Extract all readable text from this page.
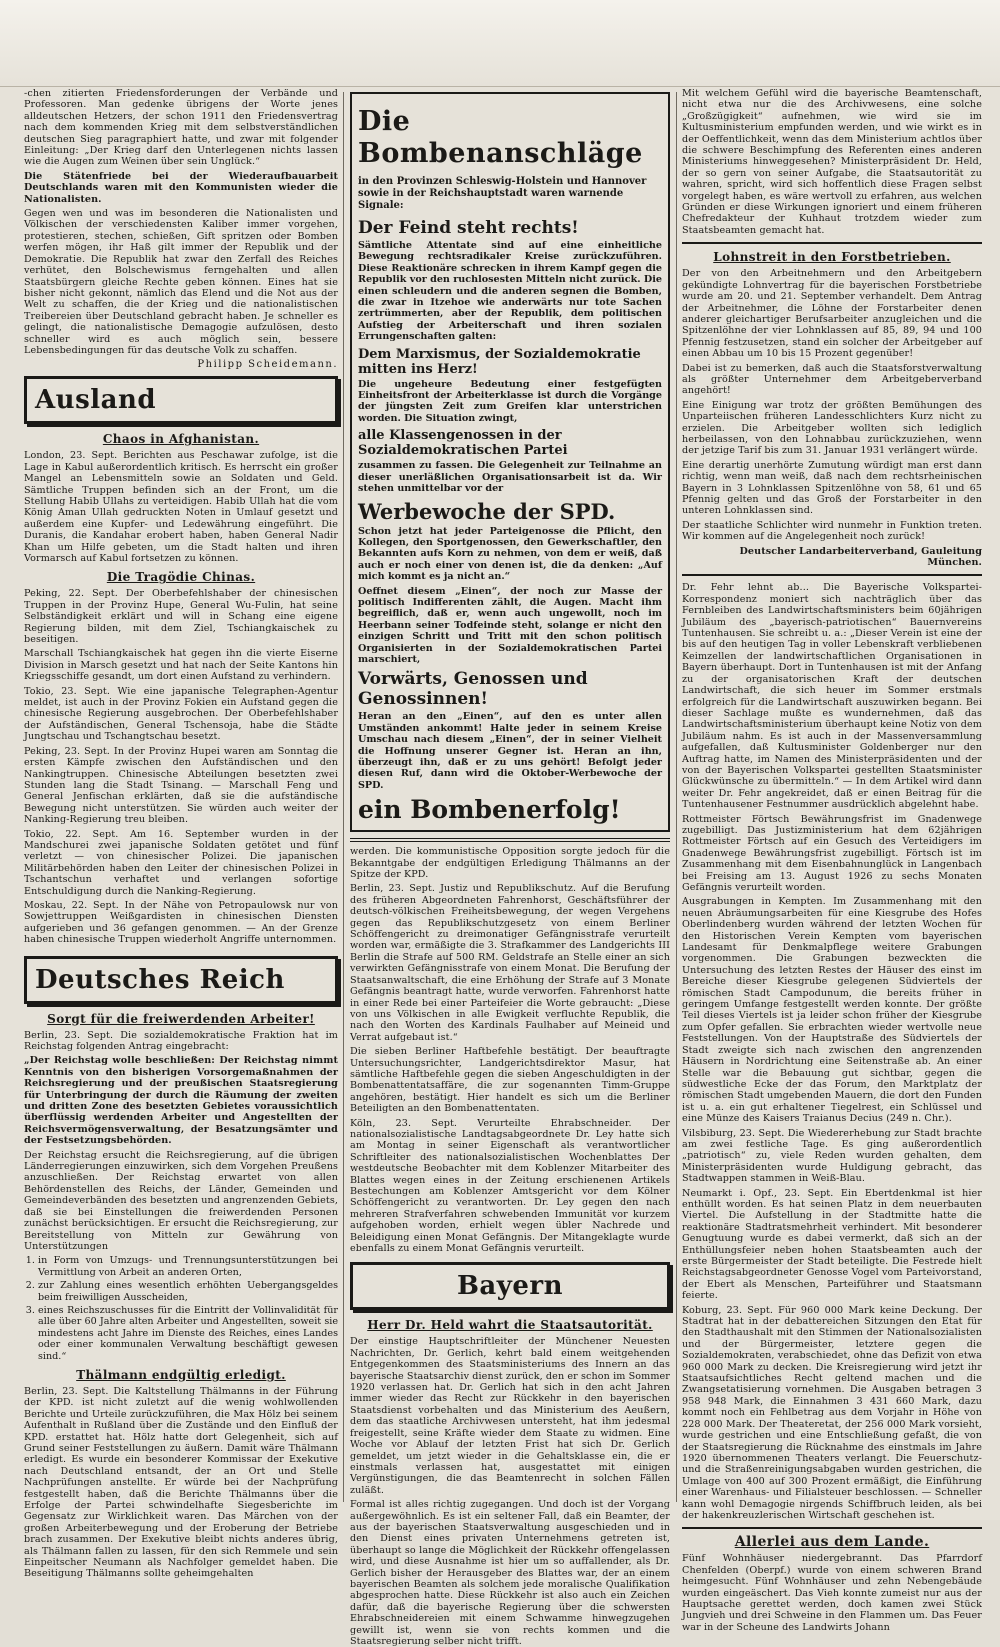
-chen zitierten Friedensforderungen der Verbände und Professoren. Man gedenke übrigens der Worte jenes alldeutschen Hetzers, der schon 1911 den Friedensvertrag nach dem kommenden Krieg mit dem selbstverständlichen deutschen Sieg paragraphiert hatte, und zwar mit folgender Einleitung: „Der Krieg darf den Unterlegenen nichts lassen wie die Augen zum Weinen über sein Unglück.“

Die Stätenfriede bei der Wiederaufbauarbeit Deutschlands waren mit den Kommunisten wieder die Nationalisten.

Gegen wen und was im besonderen die Nationalisten und Völkischen der verschiedensten Kaliber immer vorgehen, protestieren, stechen, schießen, Gift spritzen oder Bomben werfen mögen, ihr Haß gilt immer der Republik und der Demokratie. Die Republik hat zwar den Zerfall des Reiches verhütet, den Bolschewismus ferngehalten und allen Staatsbürgern gleiche Rechte geben können. Eines hat sie bisher nicht gekonnt, nämlich das Elend und die Not aus der Welt zu schaffen, die der Krieg und die nationalistischen Treibereien über Deutschland gebracht haben. Je schneller es gelingt, die nationalistische Demagogie aufzulösen, desto schneller wird es auch möglich sein, bessere Lebensbedingungen für das deutsche Volk zu schaffen.

Philipp Scheidemann.

Ausland
Chaos in Afghanistan.

London, 23. Sept. Berichten aus Peschawar zufolge, ist die Lage in Kabul außerordentlich kritisch. Es herrscht ein großer Mangel an Lebensmitteln sowie an Soldaten und Geld. Sämtliche Truppen befinden sich an der Front, um die Stellung Habib Ullahs zu verteidigen. Habib Ullah hat die vom König Aman Ullah gedruckten Noten in Umlauf gesetzt und außerdem eine Kupfer- und Ledewährung eingeführt. Die Duranis, die Kandahar erobert haben, haben General Nadir Khan um Hilfe gebeten, um die Stadt halten und ihren Vormarsch auf Kabul fortsetzen zu können.

Die Tragödie Chinas.

Peking, 22. Sept. Der Oberbefehlshaber der chinesischen Truppen in der Provinz Hupe, General Wu-Fulin, hat seine Selbständigkeit erklärt und will in Schang eine eigene Regierung bilden, mit dem Ziel, Tschiangkaischek zu beseitigen.

Marschall Tschiangkaischek hat gegen ihn die vierte Eiserne Division in Marsch gesetzt und hat nach der Seite Kantons hin Kriegsschiffe gesandt, um dort einen Aufstand zu verhindern.

Tokio, 23. Sept. Wie eine japanische Telegraphen-Agentur meldet, ist auch in der Provinz Fokien ein Aufstand gegen die chinesische Regierung ausgebrochen. Der Oberbefehlshaber der Aufständischen, General Tschensoja, habe die Städte Jungtschau und Tschangtschau besetzt.

Peking, 23. Sept. In der Provinz Hupei waren am Sonntag die ersten Kämpfe zwischen den Aufständischen und den Nankingtruppen. Chinesische Abteilungen besetzten zwei Stunden lang die Stadt Tsinang. — Marschall Feng und General Jenfischan erklärten, daß sie die aufständische Bewegung nicht unterstützen. Sie würden auch weiter der Nanking-Regierung treu bleiben.

Tokio, 22. Sept. Am 16. September wurden in der Mandschurei zwei japanische Soldaten getötet und fünf verletzt — von chinesischer Polizei. Die japanischen Militärbehörden haben den Leiter der chinesischen Polizei in Tschantschun verhaftet und verlangen sofortige Entschuldigung durch die Nanking-Regierung.

Moskau, 22. Sept. In der Nähe von Petropaulowsk nur von Sowjettruppen Weißgardisten in chinesischen Diensten aufgerieben und 36 gefangen genommen. — An der Grenze haben chinesische Truppen wiederholt Angriffe unternommen.

Deutsches Reich
Sorgt für die freiwerdenden Arbeiter!

Berlin, 23. Sept. Die sozialdemokratische Fraktion hat im Reichstag folgenden Antrag eingebracht:

„Der Reichstag wolle beschließen: Der Reichstag nimmt Kenntnis von den bisherigen Vorsorgemaßnahmen der Reichsregierung und der preußischen Staatsregierung für Unterbringung der durch die Räumung der zweiten und dritten Zone des besetzten Gebietes voraussichtlich überflüssig werdenden Arbeiter und Angestellten der Reichsvermögensverwaltung, der Besatzungsämter und der Festsetzungsbehörden.

Der Reichstag ersucht die Reichsregierung, auf die übrigen Länderregierungen einzuwirken, sich dem Vorgehen Preußens anzuschließen. Der Reichstag erwartet von allen Behördenstellen des Reichs, der Länder, Gemeinden und Gemeindeverbänden des besetzten und angrenzenden Gebiets, daß sie bei Einstellungen die freiwerdenden Personen zunächst berücksichtigen. Er ersucht die Reichsregierung, zur Bereitstellung von Mitteln zur Gewährung von Unterstützungen

1. in Form von Umzugs- und Trennungsunterstützungen bei Vermittlung von Arbeit an anderen Orten,
2. zur Zahlung eines wesentlich erhöhten Uebergangsgeldes beim freiwilligen Ausscheiden,
3. eines Reichszuschusses für die Eintritt der Vollinvalidität für alle über 60 Jahre alten Arbeiter und Angestellten, soweit sie mindestens acht Jahre im Dienste des Reiches, eines Landes oder einer kommunalen Verwaltung beschäftigt gewesen sind.“
Thälmann endgültig erledigt.

Berlin, 23. Sept. Die Kaltstellung Thälmanns in der Führung der KPD. ist nicht zuletzt auf die wenig wohlwollenden Berichte und Urteile zurückzuführen, die Max Hölz bei seinem Aufenthalt in Rußland über die Zustände und den Einfluß der KPD. erstattet hat. Hölz hatte dort Gelegenheit, sich auf Grund seiner Feststellungen zu äußern. Damit wäre Thälmann erledigt. Es wurde ein besonderer Kommissar der Exekutive nach Deutschland entsandt, der an Ort und Stelle Nachprüfungen anstellte. Er würde bei der Nachprüfung festgestellt haben, daß die Berichte Thälmanns über die Erfolge der Partei schwindelhafte Siegesberichte im Gegensatz zur Wirklichkeit waren. Das Märchen von der großen Arbeiterbewegung und der Eroberung der Betriebe brach zusammen. Der Exekutive bleibt nichts anderes übrig, als Thälmann fallen zu lassen, für den sich Remmele und sein Einpeitscher Neumann als Nachfolger gemeldet haben. Die Beseitigung Thälmanns sollte geheimgehalten

Die Bombenanschläge
in den Provinzen Schleswig-Holstein und Hannover sowie in der Reichshauptstadt waren warnende Signale:
Der Feind steht rechts!

Sämtliche Attentate sind auf eine einheitliche Bewegung rechtsradikaler Kreise zurückzuführen. Diese Reaktionäre schrecken in ihrem Kampf gegen die Republik vor den ruchlosesten Mitteln nicht zurück. Die einen schleudern und die anderen segnen die Bomben, die zwar in Itzehoe wie anderwärts nur tote Sachen zertrümmerten, aber der Republik, dem politischen Aufstieg der Arbeiterschaft und ihren sozialen Errungenschaften galten:

Dem Marxismus, der Sozialdemokratie mitten ins Herz!

Die ungeheure Bedeutung einer festgefügten Einheitsfront der Arbeiterklasse ist durch die Vorgänge der jüngsten Zeit zum Greifen klar unterstrichen worden. Die Situation zwingt,

alle Klassengenossen in der Sozialdemokratischen Partei

zusammen zu fassen. Die Gelegenheit zur Teilnahme an dieser unerläßlichen Organisationsarbeit ist da. Wir stehen unmittelbar vor der

Werbewoche der SPD.

Schon jetzt hat jeder Parteigenosse die Pflicht, den Kollegen, den Sportgenossen, den Gewerkschaftler, den Bekannten aufs Korn zu nehmen, von dem er weiß, daß auch er noch einer von denen ist, die da denken: „Auf mich kommt es ja nicht an.“

Oeffnet diesem „Einen“, der noch zur Masse der politisch Indifferenten zählt, die Augen. Macht ihm begreiflich, daß er, wenn auch ungewollt, noch im Heerbann seiner Todfeinde steht, solange er nicht den einzigen Schritt und Tritt mit den schon politisch Organisierten in der Sozialdemokratischen Partei marschiert,

Vorwärts, Genossen und Genossinnen!

Heran an den „Einen“, auf den es unter allen Umständen ankommt! Halte jeder in seinem Kreise Umschau nach diesem „Einen“, der in seiner Vielheit die Hoffnung unserer Gegner ist. Heran an ihn, überzeugt ihn, daß er zu uns gehört! Befolgt jeder diesen Ruf, dann wird die Oktober-Werbewoche der SPD.

ein Bombenerfolg!

werden. Die kommunistische Opposition sorgte jedoch für die Bekanntgabe der endgültigen Erledigung Thälmanns an der Spitze der KPD.

Berlin, 23. Sept. Justiz und Republikschutz. Auf die Berufung des früheren Abgeordneten Fahrenhorst, Geschäftsführer der deutsch-völkischen Freiheitsbewegung, der wegen Vergehens gegen das Republikschutzgesetz von einem Berliner Schöffengericht zu dreimonatiger Gefängnisstrafe verurteilt worden war, ermäßigte die 3. Strafkammer des Landgerichts III Berlin die Strafe auf 500 RM. Geldstrafe an Stelle einer an sich verwirkten Gefängnisstrafe von einem Monat. Die Berufung der Staatsanwaltschaft, die eine Erhöhung der Strafe auf 3 Monate Gefängnis beantragt hatte, wurde verworfen. Fahrenhorst hatte in einer Rede bei einer Parteifeier die Worte gebraucht: „Diese von uns Völkischen in alle Ewigkeit verfluchte Republik, die nach den Worten des Kardinals Faulhaber auf Meineid und Verrat aufgebaut ist.“

Die sieben Berliner Haftbefehle bestätigt. Der beauftragte Untersuchungsrichter, Landgerichtsdirektor Masur, hat sämtliche Haftbefehle gegen die sieben Angeschuldigten in der Bombenattentatsaffäre, die zur sogenannten Timm-Gruppe angehören, bestätigt. Hier handelt es sich um die Berliner Beteiligten an den Bombenattentaten.

Köln, 23. Sept. Verurteilte Ehrabschneider. Der nationalsozialistische Landtagsabgeordnete Dr. Ley hatte sich am Montag in seiner Eigenschaft als verantwortlicher Schriftleiter des nationalsozialistischen Wochenblattes Der westdeutsche Beobachter mit dem Koblenzer Mitarbeiter des Blattes wegen eines in der Zeitung erschienenen Artikels Bestechungen am Koblenzer Amtsgericht vor dem Kölner Schöffengericht zu verantworten. Dr. Ley gegen den nach mehreren Strafverfahren schwebenden Immunität vor kurzem aufgehoben worden, erhielt wegen übler Nachrede und Beleidigung einen Monat Gefängnis. Der Mitangeklagte wurde ebenfalls zu einem Monat Gefängnis verurteilt.

Bayern
Herr Dr. Held wahrt die Staatsautorität.

Der einstige Hauptschriftleiter der Münchener Neuesten Nachrichten, Dr. Gerlich, kehrt bald einem weitgehenden Entgegenkommen des Staatsministeriums des Innern an das bayerische Staatsarchiv dienst zurück, den er schon im Sommer 1920 verlassen hat. Dr. Gerlich hat sich in den acht Jahren immer wieder das Recht zur Rückkehr in den bayerischen Staatsdienst vorbehalten und das Ministerium des Aeußern, dem das staatliche Archivwesen untersteht, hat ihm jedesmal freigestellt, seine Kräfte wieder dem Staate zu widmen. Eine Woche vor Ablauf der letzten Frist hat sich Dr. Gerlich gemeldet, um jetzt wieder in die Gehaltsklasse ein, die er einstmals verlassen hat, ausgestattet mit einigen Vergünstigungen, die das Beamtenrecht in solchen Fällen zuläßt.

Formal ist alles richtig zugegangen. Und doch ist der Vorgang außergewöhnlich. Es ist ein seltener Fall, daß ein Beamter, der aus der bayerischen Staatsverwaltung ausgeschieden und in den Dienst eines privaten Unternehmens getreten ist, überhaupt so lange die Möglichkeit der Rückkehr offengelassen wird, und diese Ausnahme ist hier um so auffallender, als Dr. Gerlich bisher der Herausgeber des Blattes war, der an einem bayerischen Beamten als solchem jede moralische Qualifikation abgesprochen hatte. Diese Rückkehr ist also auch ein Zeichen dafür, daß die bayerische Regierung über die schwersten Ehrabschneidereien mit einem Schwamme hinwegzugehen gewillt ist, wenn sie von rechts kommen und die Staatsregierung selber nicht trifft.

Mit welchem Gefühl wird die bayerische Beamtenschaft, nicht etwa nur die des Archivwesens, eine solche „Großzügigkeit“ aufnehmen, wie wird sie im Kultusministerium empfunden werden, und wie wirkt es in der Oeffentlichkeit, wenn das dem Ministerium achtlos über die schwere Beschimpfung des Referenten eines anderen Ministeriums hinweggesehen? Ministerpräsident Dr. Held, der so gern von seiner Aufgabe, die Staatsautorität zu wahren, spricht, wird sich hoffentlich diese Fragen selbst vorgelegt haben, es wäre wertvoll zu erfahren, aus welchen Gründen er diese Wirkungen ignoriert und einem früheren Chefredakteur der Kuhhaut trotzdem wieder zum Staatsbeamten gemacht hat.

Lohnstreit in den Forstbetrieben.

Der von den Arbeitnehmern und den Arbeitgebern gekündigte Lohnvertrag für die bayerischen Forstbetriebe wurde am 20. und 21. September verhandelt. Dem Antrag der Arbeitnehmer, die Löhne der Forstarbeiter denen anderer gleichartiger Berufsarbeiter anzugleichen und die Spitzenlöhne der vier Lohnklassen auf 85, 89, 94 und 100 Pfennig festzusetzen, stand ein solcher der Arbeitgeber auf einen Abbau um 10 bis 15 Prozent gegenüber!

Dabei ist zu bemerken, daß auch die Staatsforstverwaltung als größter Unternehmer dem Arbeitgeberverband angehört!

Eine Einigung war trotz der größten Bemühungen des Unparteiischen früheren Landesschlichters Kurz nicht zu erzielen. Die Arbeitgeber wollten sich lediglich herbeilassen, von den Lohnabbau zurückzuziehen, wenn der jetzige Tarif bis zum 31. Januar 1931 verlängert würde.

Eine derartig unerhörte Zumutung würdigt man erst dann richtig, wenn man weiß, daß nach dem rechtsrheinischen Bayern in 3 Lohnklassen Spitzenlöhne von 58, 61 und 65 Pfennig gelten und das Groß der Forstarbeiter in den unteren Lohnklassen sind.

Der staatliche Schlichter wird nunmehr in Funktion treten. Wir kommen auf die Angelegenheit noch zurück!

Deutscher Landarbeiterverband, Gauleitung München.

Dr. Fehr lehnt ab... Die Bayerische Volkspartei-Korrespondenz moniert sich nachträglich über das Fernbleiben des Landwirtschaftsministers beim 60jährigen Jubiläum des „bayerisch-patriotischen“ Bauernvereins Tuntenhausen. Sie schreibt u. a.: „Dieser Verein ist eine der bis auf den heutigen Tag in voller Lebenskraft verbliebenen Keimzellen der landwirtschaftlichen Organisationen in Bayern überhaupt. Dort in Tuntenhausen ist mit der Anfang zu der organisatorischen Kraft der deutschen Landwirtschaft, die sich heuer im Sommer erstmals erfolgreich für die Landwirtschaft auszuwirken begann. Bei dieser Sachlage mußte es wundernehmen, daß das Landwirtschaftsministerium überhaupt keine Notiz von dem Jubiläum nahm. Es ist auch in der Massenversammlung aufgefallen, daß Kultusminister Goldenberger nur den Auftrag hatte, im Namen des Ministerpräsidenten und der von der Bayerischen Volkspartei gestellten Staatsminister Glückwünsche zu übermitteln.“ — In dem Artikel wird dann weiter Dr. Fehr angekreidet, daß er einen Beitrag für die Tuntenhausener Festnummer ausdrücklich abgelehnt habe.

Rottmeister Förtsch Bewährungsfrist im Gnadenwege zugebilligt. Das Justizministerium hat dem 62jährigen Rottmeister Förtsch auf ein Gesuch des Verteidigers im Gnadenwege Bewährungsfrist zugebilligt. Förtsch ist im Zusammenhang mit dem Eisenbahnunglück in Langenbach bei Freising am 13. August 1926 zu sechs Monaten Gefängnis verurteilt worden.

Ausgrabungen in Kempten. Im Zusammenhang mit den neuen Abräumungsarbeiten für eine Kiesgrube des Hofes Oberlindenberg wurden während der letzten Wochen für den Historischen Verein Kempten vom bayerischen Landesamt für Denkmalpflege weitere Grabungen vorgenommen. Die Grabungen bezweckten die Untersuchung des letzten Restes der Häuser des einst im Bereiche dieser Kiesgrube gelegenen Südviertels der römischen Stadt Campodunum, die bereits früher in geringem Umfange festgestellt werden konnte. Der größte Teil dieses Viertels ist ja leider schon früher der Kiesgrube zum Opfer gefallen. Sie erbrachten wieder wertvolle neue Feststellungen. Von der Hauptstraße des Südviertels der Stadt zweigte sich nach zwischen den angrenzenden Häusern in Nordrichtung eine Seitenstraße ab. An einer Stelle war die Bebauung gut sichtbar, gegen die südwestliche Ecke der das Forum, den Marktplatz der römischen Stadt umgebenden Mauern, die dort den Funden ist u. a. ein gut erhaltener Tiegelrest, ein Schlüssel und eine Münze des Kaisers Traianus Decius (249 n. Chr.).

Vilsbiburg, 23. Sept. Die Wiedererhebung zur Stadt brachte am zwei festliche Tage. Es ging außerordentlich „patriotisch“ zu, viele Reden wurden gehalten, dem Ministerpräsidenten wurde Huldigung gebracht, das Stadtwappen stammen in Weiß-Blau.

Neumarkt i. Opf., 23. Sept. Ein Ebertdenkmal ist hier enthüllt worden. Es hat seinen Platz in dem neuerbauten Viertel. Die Aufstellung in der Stadtmitte hatte die reaktionäre Stadtratsmehrheit verhindert. Mit besonderer Genugtuung wurde es dabei vermerkt, daß sich an der Enthüllungsfeier neben hohen Staatsbeamten auch der erste Bürgermeister der Stadt beteiligte. Die Festrede hielt Reichstagsabgeordneter Genosse Vogel vom Parteivorstand, der Ebert als Menschen, Parteiführer und Staatsmann feierte.

Koburg, 23. Sept. Für 960 000 Mark keine Deckung. Der Stadtrat hat in der debattereichen Sitzungen den Etat für den Stadthaushalt mit den Stimmen der Nationalsozialisten und der Bürgermeister, letztere gegen die Sozialdemokraten, verabschiedet, ohne das Defizit von etwa 960 000 Mark zu decken. Die Kreisregierung wird jetzt ihr Staatsaufsichtliches Recht geltend machen und die Zwangsetatisierung vornehmen. Die Ausgaben betragen 3 958 948 Mark, die Einnahmen 3 431 660 Mark, dazu kommt noch ein Fehlbetrag aus dem Vorjahr in Höhe von 228 000 Mark. Der Theateretat, der 256 000 Mark vorsieht, wurde gestrichen und eine Entschließung gefaßt, die von der Staatsregierung die Rücknahme des einstmals im Jahre 1920 übernommenen Theaters verlangt. Die Feuerschutz- und die Straßenreinigungsabgaben wurden gestrichen, die Umlage von 400 auf 300 Prozent ermäßigt, die Einführung einer Warenhaus- und Filialsteuer beschlossen. — Schneller kann wohl Demagogie nirgends Schiffbruch leiden, als bei der hakenkreuzlerischen Wirtschaft geschehen ist.

Allerlei aus dem Lande.

Fünf Wohnhäuser niedergebrannt. Das Pfarrdorf Chenfelden (Oberpf.) wurde von einem schweren Brand heimgesucht. Fünf Wohnhäuser und zehn Nebengebäude wurden eingeäschert. Das Vieh konnte zumeist nur aus der Hauptsache gerettet werden, doch kamen zwei Stück Jungvieh und drei Schweine in den Flammen um. Das Feuer war in der Scheune des Landwirts Johann
